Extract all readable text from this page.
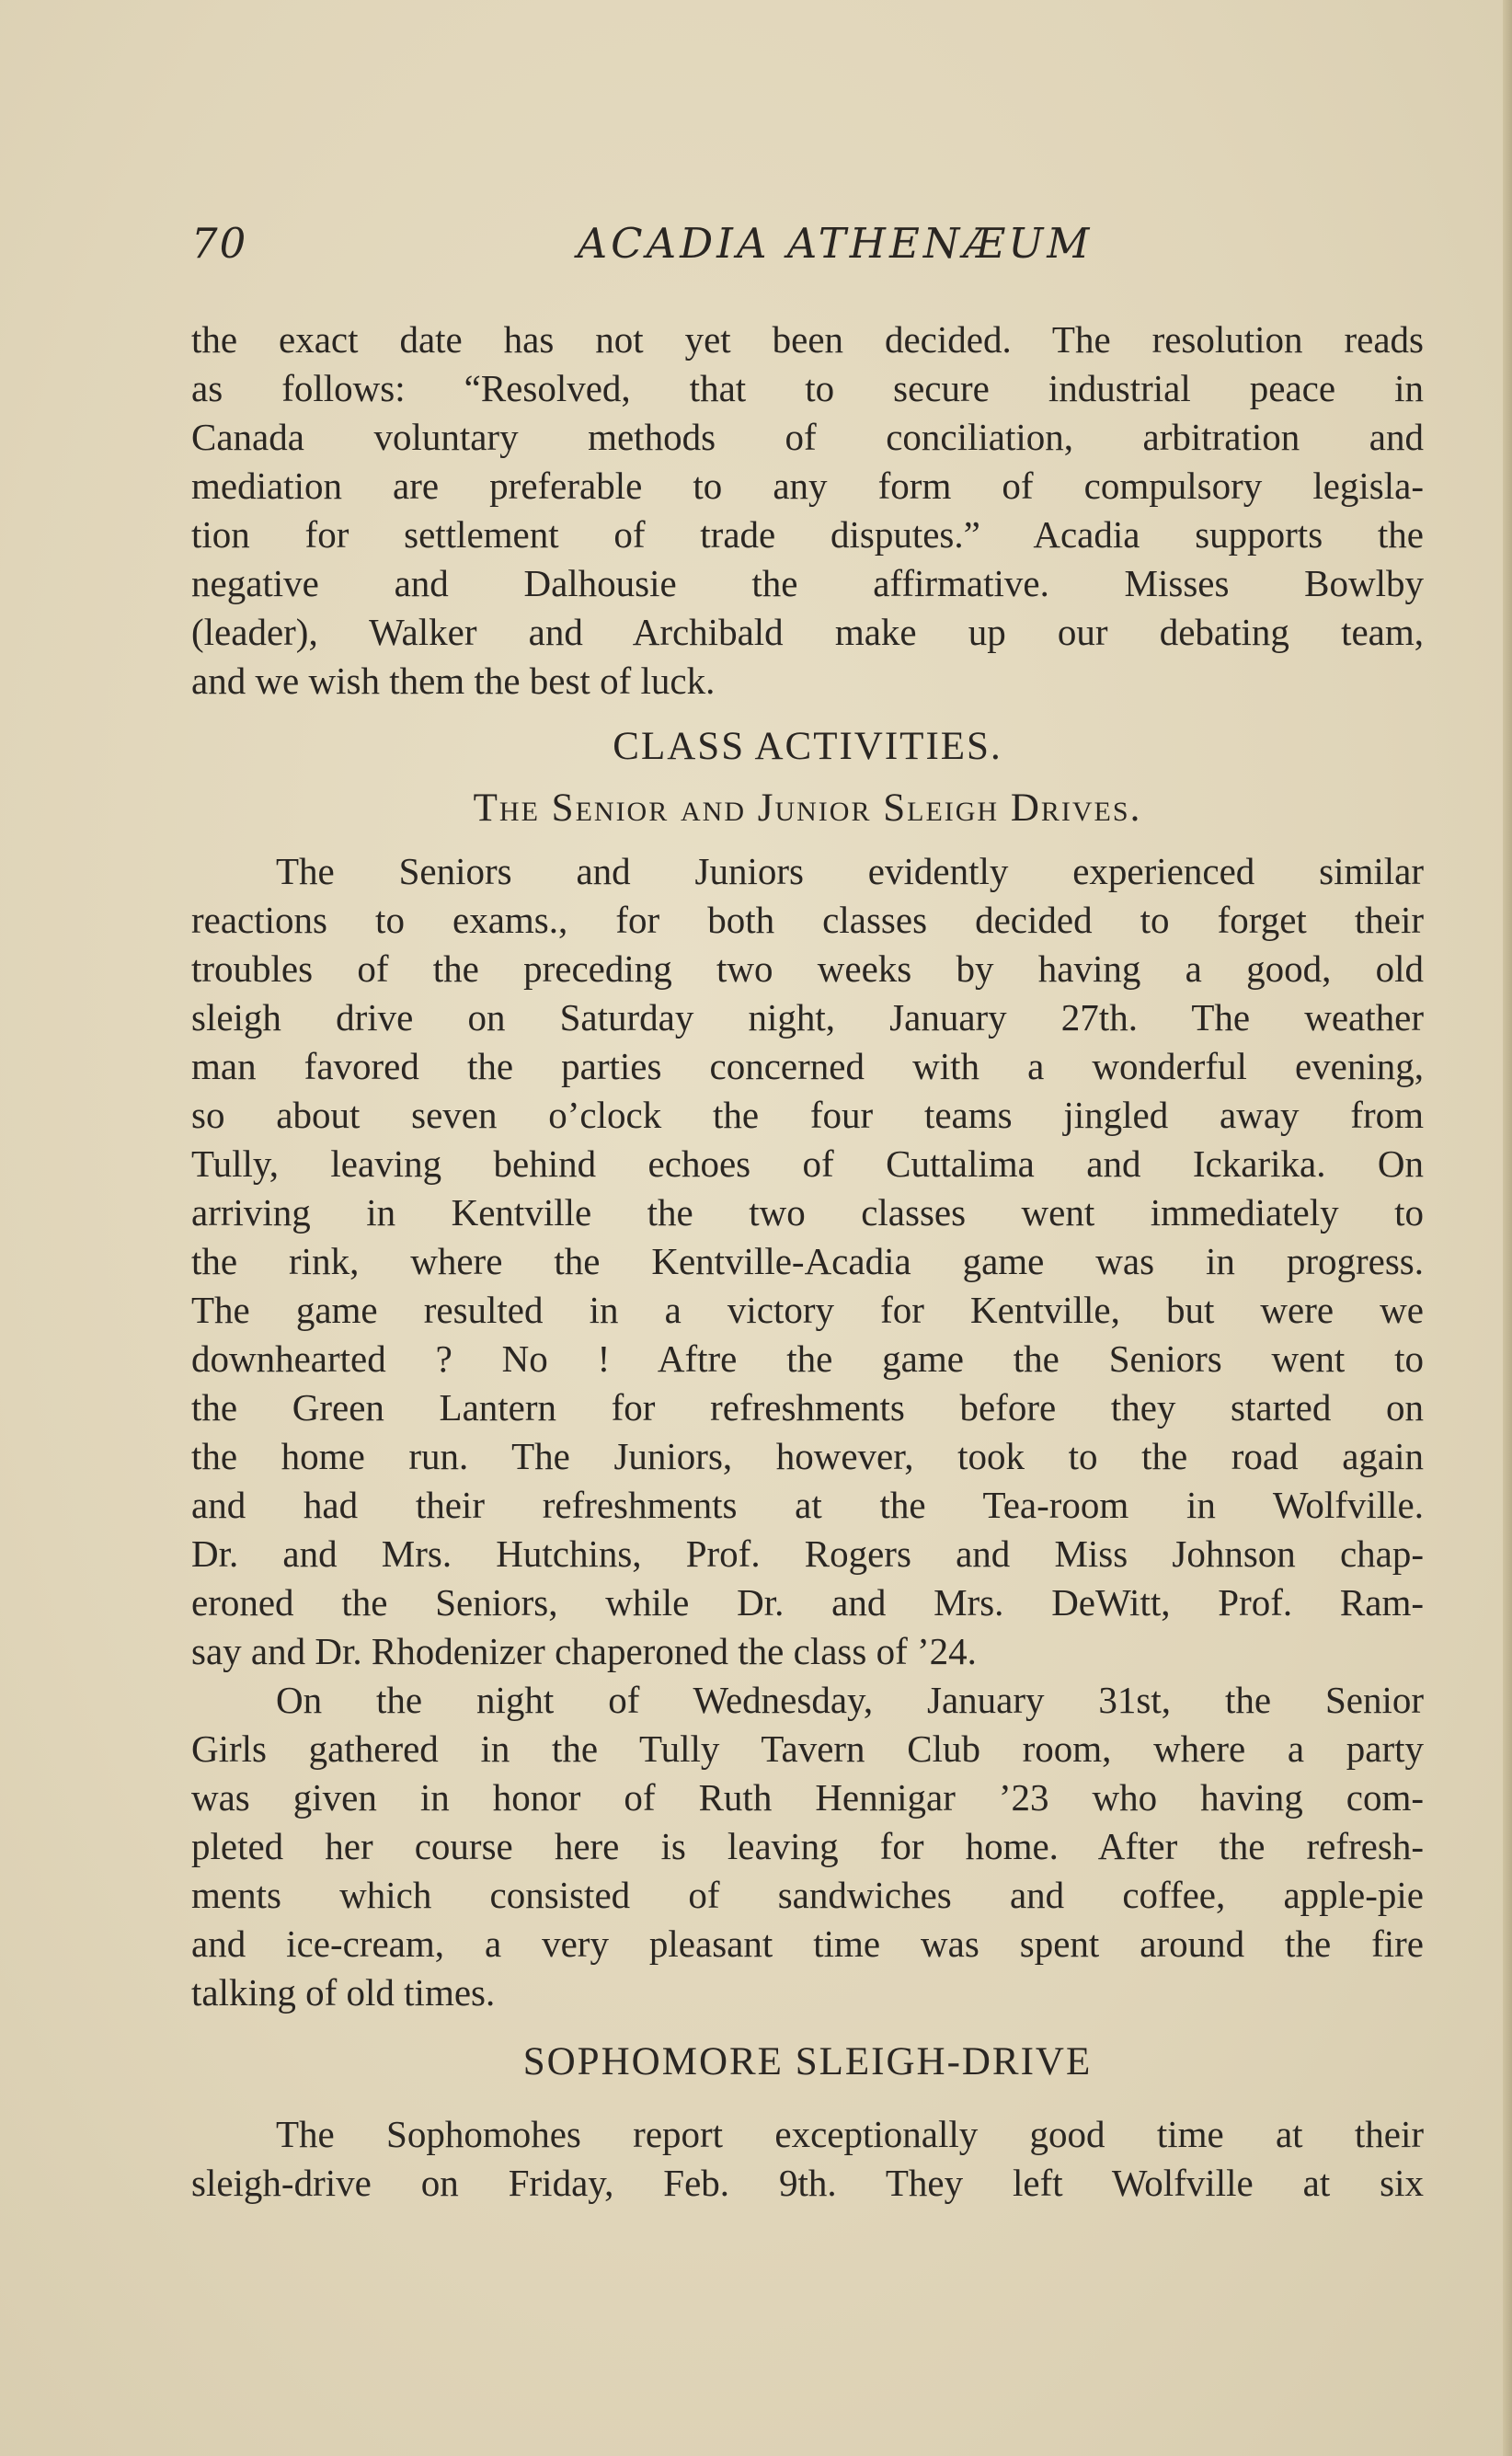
70	ACADIA ATHENÆUM
the exact date has not yet been decided. The resolution reads
as follows: “Resolved, that to secure industrial peace in
Canada voluntary methods of conciliation, arbitration and
mediation are preferable to any form of compulsory legisla-
tion for settlement of trade disputes.” Acadia supports the
negative and Dalhousie the affirmative. Misses Bowlby
(leader), Walker and Archibald make up our debating team,
and we wish them the best of luck.
CLASS ACTIVITIES.
The Senior and Junior Sleigh Drives.
The Seniors and Juniors evidently experienced similar
reactions to exams., for both classes decided to forget their
troubles of the preceding two weeks by having a good, old
sleigh drive on Saturday night, January 27th. The weather
man favored the parties concerned with a wonderful evening,
so about seven o’clock the four teams jingled away from
Tully, leaving behind echoes of Cuttalima and Ickarika. On
arriving in Kentville the two classes went immediately to
the rink, where the Kentville-Acadia game was in progress.
The game resulted in a victory for Kentville, but were we
downhearted ? No ! Aftre the game the Seniors went to
the Green Lantern for refreshments before they started on
the home run. The Juniors, however, took to the road again
and had their refreshments at the Tea-room in Wolfville.
Dr. and Mrs. Hutchins, Prof. Rogers and Miss Johnson chap-
eroned the Seniors, while Dr. and Mrs. DeWitt, Prof. Ram-
say and Dr. Rhodenizer chaperoned the class of ’24.
On the night of Wednesday, January 31st, the Senior
Girls gathered in the Tully Tavern Club room, where a party
was given in honor of Ruth Hennigar ’23 who having com-
pleted her course here is leaving for home. After the refresh-
ments which consisted of sandwiches and coffee, apple-pie
and ice-cream, a very pleasant time was spent around the fire
talking of old times.
SOPHOMORE SLEIGH-DRIVE
The Sophomohes report exceptionally good time at their
sleigh-drive on Friday, Feb. 9th. They left Wolfville at six
